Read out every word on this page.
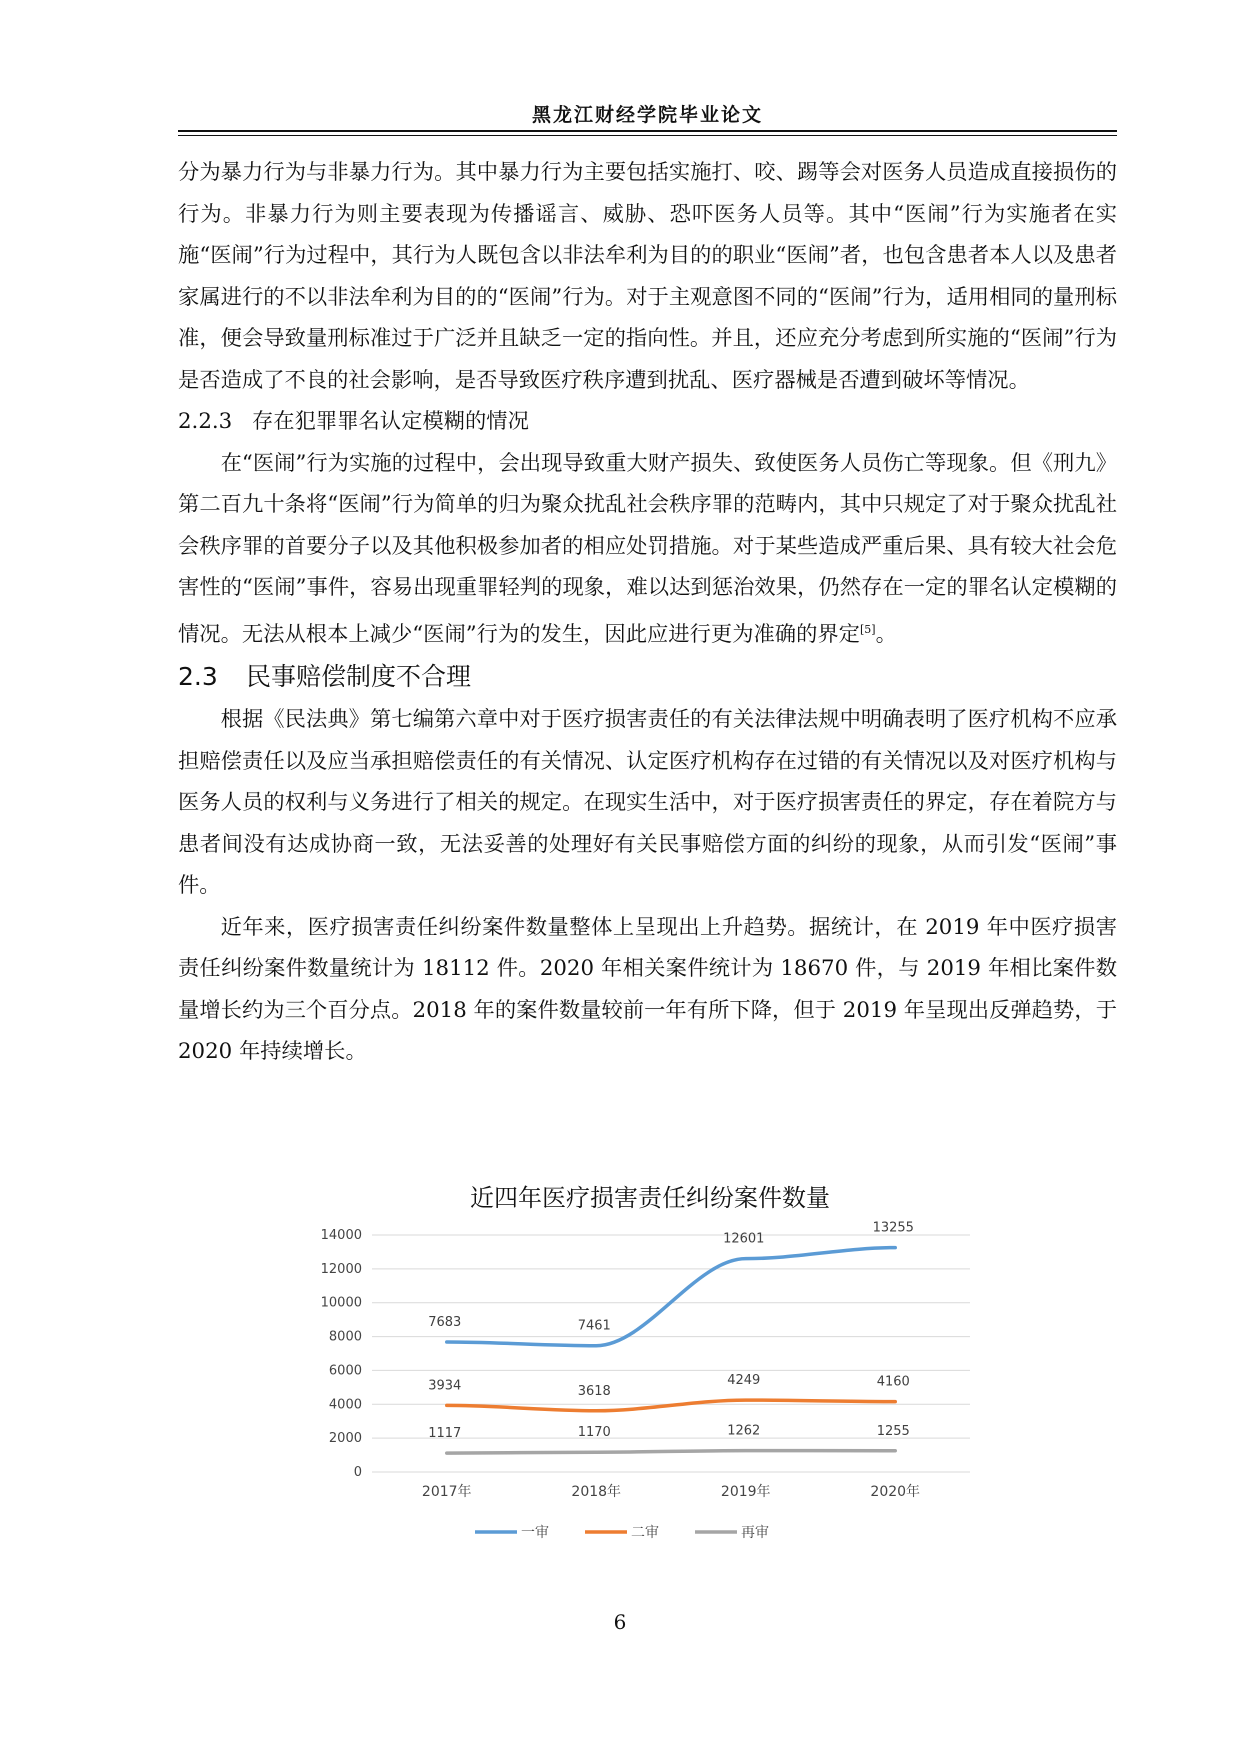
黑龙江财经学院毕业论文

分为暴力行为与非暴力行为。其中暴力行为主要包括实施打、咬、踢等会对医务人员造成直接损伤的行为。非暴力行为则主要表现为传播谣言、威胁、恐吓医务人员等。其中“医闹”行为实施者在实施“医闹”行为过程中，其行为人既包含以非法牟利为目的的职业“医闹”者，也包含患者本人以及患者家属进行的不以非法牟利为目的的“医闹”行为。对于主观意图不同的“医闹”行为，适用相同的量刑标准，便会导致量刑标准过于广泛并且缺乏一定的指向性。并且，还应充分考虑到所实施的“医闹”行为是否造成了不良的社会影响，是否导致医疗秩序遭到扰乱、医疗器械是否遭到破坏等情况。

2.2.3 存在犯罪罪名认定模糊的情况

在“医闹”行为实施的过程中，会出现导致重大财产损失、致使医务人员伤亡等现象。但《刑九》第二百九十条将“医闹”行为简单的归为聚众扰乱社会秩序罪的范畴内，其中只规定了对于聚众扰乱社会秩序罪的首要分子以及其他积极参加者的相应处罚措施。对于某些造成严重后果、具有较大社会危害性的“医闹”事件，容易出现重罪轻判的现象，难以达到惩治效果，仍然存在一定的罪名认定模糊的情况。无法从根本上减少“医闹”行为的发生，因此应进行更为准确的界定[5]。

2.3 民事赔偿制度不合理

根据《民法典》第七编第六章中对于医疗损害责任的有关法律法规中明确表明了医疗机构不应承担赔偿责任以及应当承担赔偿责任的有关情况、认定医疗机构存在过错的有关情况以及对医疗机构与医务人员的权利与义务进行了相关的规定。在现实生活中，对于医疗损害责任的界定，存在着院方与患者间没有达成协商一致，无法妥善的处理好有关民事赔偿方面的纠纷的现象，从而引发“医闹”事件。

近年来，医疗损害责任纠纷案件数量整体上呈现出上升趋势。据统计，在 2019 年中医疗损害责任纠纷案件数量统计为 18112 件。2020 年相关案件统计为 18670 件，与 2019 年相比案件数量增长约为三个百分点。2018 年的案件数量较前一年有所下降，但于 2019 年呈现出反弹趋势，于 2020 年持续增长。

近四年医疗损害责任纠纷案件数量
0
2000
4000
6000
8000
10000
12000
14000
2017年	2018年	2019年	2020年
7683	7461
12601
13255
3934	3618
4249	4160
1117	1170	1262	1255
一审	二审	再审
6
